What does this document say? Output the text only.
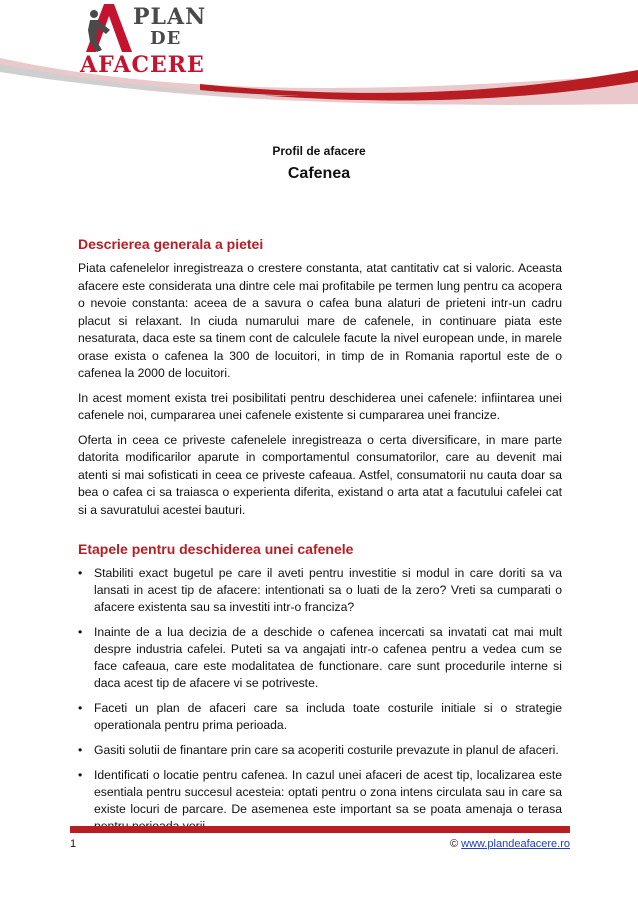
PLAN
DE
AFACERE
Profil de afacere
Cafenea
Descrierea generala a pietei

Piata cafenelelor inregistreaza o crestere constanta, atat cantitativ cat si valoric. Aceasta afacere este considerata una dintre cele mai profitabile pe termen lung pentru ca acopera o nevoie constanta: aceea de a savura o cafea buna alaturi de prieteni intr-un cadru placut si relaxant. In ciuda numarului mare de cafenele, in continuare piata este nesaturata, daca este sa tinem cont de calculele facute la nivel european unde, in marele orase exista o cafenea la 300 de locuitori, in timp de in Romania raportul este de o cafenea la 2000 de locuitori.

In acest moment exista trei posibilitati pentru deschiderea unei cafenele: infiintarea unei cafenele noi, cumpararea unei cafenele existente si cumpararea unei francize.

Oferta in ceea ce priveste cafenelele inregistreaza o certa diversificare, in mare parte datorita modificarilor aparute in comportamentul consumatorilor, care au devenit mai atenti si mai sofisticati in ceea ce priveste cafeaua. Astfel, consumatorii nu cauta doar sa bea o cafea ci sa traiasca o experienta diferita, existand o arta atat a facutului cafelei cat si a savuratului acestei bauturi.

Etapele pentru deschiderea unei cafenele
• Stabiliti exact bugetul pe care il aveti pentru investitie si modul in care doriti sa va lansati in acest tip de afacere: intentionati sa o luati de la zero? Vreti sa cumparati o afacere existenta sau sa investiti intr-o franciza?
• Inainte de a lua decizia de a deschide o cafenea incercati sa invatati cat mai mult despre industria cafelei. Puteti sa va angajati intr-o cafenea pentru a vedea cum se face cafeaua, care este modalitatea de functionare. care sunt procedurile interne si daca acest tip de afacere vi se potriveste.
• Faceti un plan de afaceri care sa includa toate costurile initiale si o strategie operationala pentru prima perioada.
• Gasiti solutii de finantare prin care sa acoperiti costurile prevazute in planul de afaceri.
• Identificati o locatie pentru cafenea. In cazul unei afaceri de acest tip, localizarea este esentiala pentru succesul acesteia: optati pentru o zona intens circulata sau in care sa existe locuri de parcare. De asemenea este important sa se poata amenaja o terasa
1	© www.plandeafacere.ro
